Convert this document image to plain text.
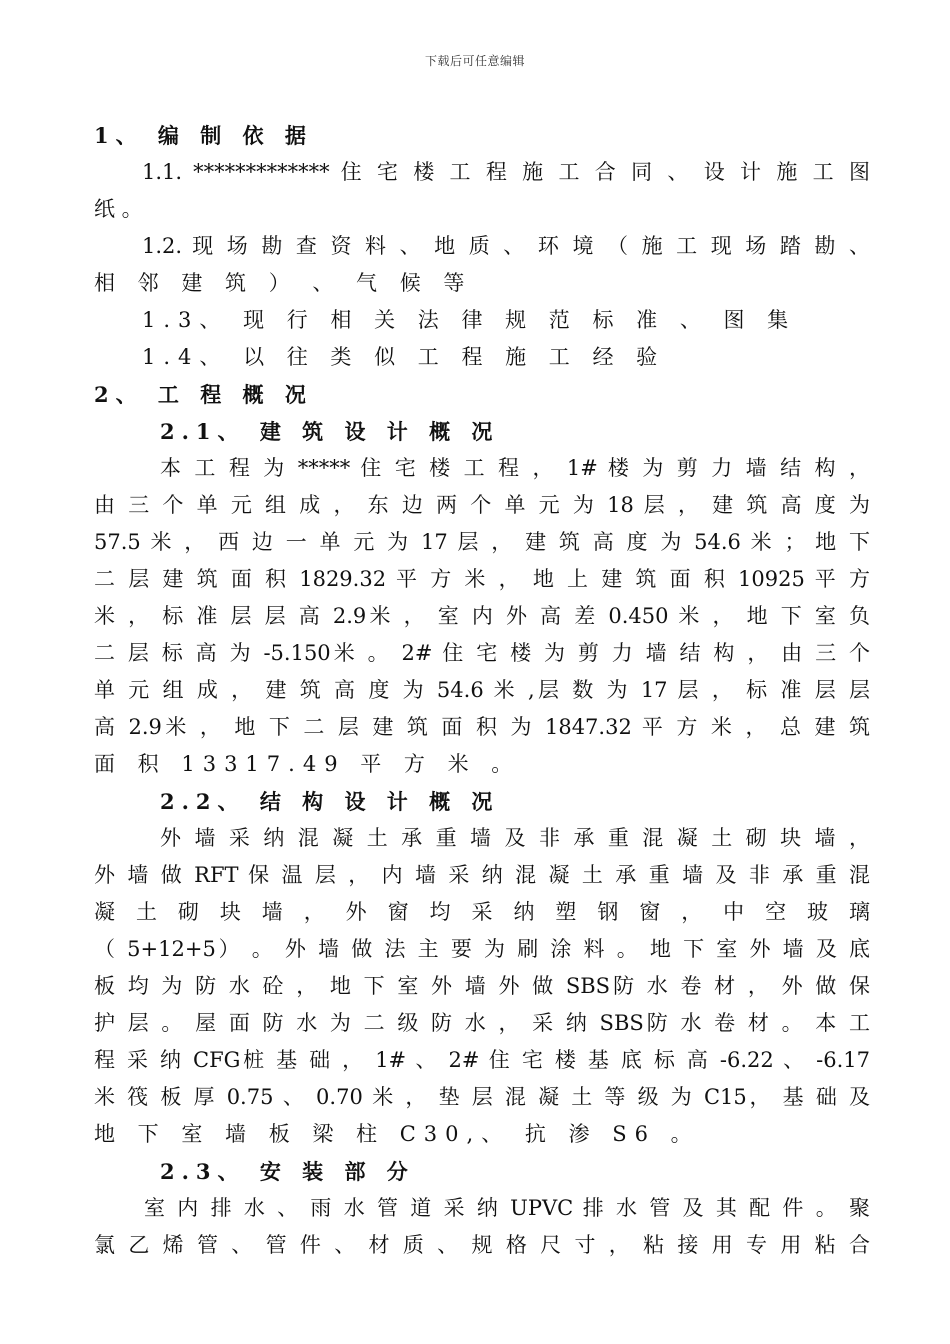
下载后可任意编辑
1、 编 制 依 据
1.1. ************* 住 宅 楼 工 程 施 工 合 同 、 设 计 施 工 图
纸 。
1.2. 现 场 勘 查 资 料 、 地 质 、 环 境 （ 施 工 现 场 踏 勘 、
相 邻 建 筑 ） 、 气 候 等
1.3、 现 行 相 关 法 律 规 范 标 准 、 图 集
1.4、 以 往 类 似 工 程 施 工 经 验
2、 工 程 概 况
2.1、 建 筑 设 计 概 况
本 工 程 为 ***** 住 宅 楼 工 程 ， 1# 楼 为 剪 力 墙 结 构 ，
由 三 个 单 元 组 成 ， 东 边 两 个 单 元 为 18 层 ， 建 筑 高 度 为
57.5 米 ， 西 边 一 单 元 为 17 层 ， 建 筑 高 度 为 54.6 米 ； 地 下
二 层 建 筑 面 积 1829.32 平 方 米 ， 地 上 建 筑 面 积 10925 平 方
米 ， 标 准 层 层 高 2.9米 ， 室 内 外 高 差 0.450 米 ， 地 下 室 负
二 层 标 高 为 -5.150米 。 2# 住 宅 楼 为 剪 力 墙 结 构 ， 由 三 个
单 元 组 成 ， 建 筑 高 度 为 54.6 米 ,层 数 为 17 层 ， 标 准 层 层
高 2.9米 ， 地 下 二 层 建 筑 面 积 为 1847.32 平 方 米 ， 总 建 筑
面 积 13317.49 平 方 米 。
2.2、 结 构 设 计 概 况
外 墙 采 纳 混 凝 土 承 重 墙 及 非 承 重 混 凝 土 砌 块 墙 ，
外 墙 做 RFT 保 温 层 ， 内 墙 采 纳 混 凝 土 承 重 墙 及 非 承 重 混
凝 土 砌 块 墙 ， 外 窗 均 采 纳 塑 钢 窗 ， 中 空 玻 璃
（ 5+12+5） 。 外 墙 做 法 主 要 为 刷 涂 料 。 地 下 室 外 墙 及 底
板 均 为 防 水 砼 ， 地 下 室 外 墙 外 做 SBS防 水 卷 材 ， 外 做 保
护 层 。 屋 面 防 水 为 二 级 防 水 ， 采 纳 SBS防 水 卷 材 。 本 工
程 采 纳 CFG桩 基 础 ， 1# 、 2# 住 宅 楼 基 底 标 高 -6.22 、 -6.17
米 筏 板 厚 0.75 、 0.70 米 ， 垫 层 混 凝 土 等 级 为 C15， 基 础 及
地 下 室 墙 板 梁 柱 C30,、 抗 渗 S6 。
2.3、 安 装 部 分
室 内 排 水 、 雨 水 管 道 采 纳 UPVC 排 水 管 及 其 配 件 。 聚
氯 乙 烯 管 、 管 件 、 材 质 、 规 格 尺 寸 ， 粘 接 用 专 用 粘 合
